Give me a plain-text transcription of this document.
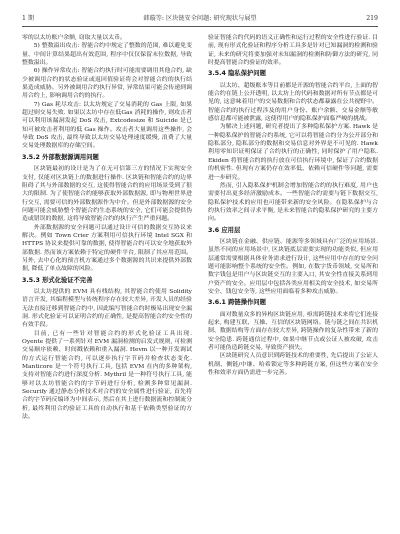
1 期	韩璇等: 区块链安全问题: 研究现状与展望	219

零的以太坊账户余额, 窃取大量以太币。

5) 整数溢出攻击: 智能合约中规定了整数的范围, 难以避免变量、中间计算结果超出有效范围, 程序中仅仅保留末位数据, 导致整数溢出。

6) 操作异常攻击: 智能合约执行时可能需要调用其他合约, 缺少被调用合约的状态验证或返回值验证将会对智能合约的执行结果造成威胁。另外被调用合约执行异常, 异常结果可能会传递到调用合约上, 影响调用合约的执行。

7) Gas 耗尽攻击: 以太坊规定了交易消耗的 Gas 上限, 如果超过则交易失败. 如果以太坊中存在低Gas 消耗的操作, 则攻击者可以利用该漏洞发起 DoS 攻击, Extcodesize 和 Suicide 是已知可被攻击者利用的低 Gas 操作。攻击者大量调用这些操作, 会导致 DoS 攻击, 最终导致以太坊交易处理速度缓慢, 浪费了大量交易处理数据库的存储空间。

3.5.2 外部数据源调用问题

区块链最初的设计是为了在无可信第三方的情况下实现安全支付, 仅能对区块链上的数据进行操作. 区块链和智能合约的边界阻碍了其与外部数据的交互, 这使得智能合约的应用场景受到了很大的限制. 为了使智能合约能够获取外部数据源, 即与物理世界进行交互, 需要可信的外部数据源作为中介。但是外部数据源的安全问题可能会威胁整个智能合约生态系统的安全, 它们可能会提供伪造或错误的数据, 这将导致智能合约的执行产生严重问题。

外部数据源的安全问题可以通过设计可信的数据交互协议来解决。例如 Town Crier 方案利用可信执行环境 Intel SGX 和 HTTPS 协议来提供可靠的数据, 使得智能合约可以安全地获取外部数据. 然而该方案依赖于特定的硬件平台, 限制了其应用范围。另外, 去中心化的预言机方案通过多个数据源的共识来提供外部数据, 降低了单点故障的风险。

3.5.3 形式化验证不完善

以太坊提供的 EVM 具有栈结构, 其智能合约使用 Solidity 语言开发, 其编程模型与传统程序存在较大差异, 开发人员的经验无法直接迁移到智能合约中, 因此编写智能合约时极易出现安全漏洞. 形式化验证可以证明合约的正确性, 是提高智能合约安全性的有效手段。

目前, 已有一些针对智能合约的形式化验证工具出现. Oyente 提供了一系列针对 EVM 漏洞检测的启发式规则, 可检测交易顺序依赖、时间戳依赖和重入漏洞. Hevm 以一种开发调试的方式运行智能合约, 可以逐步执行字节码并检查状态变化. Manticore 是一个符号执行工具, 包括 EVM 在内的多种架构, 支持对智能合约进行深度分析. Mythril 是一种符号执行工具, 能够对以太坊智能合约的字节码进行分析, 检测多种常见漏洞. Securify 通过静态分析技术对合约的安全属性进行验证, 首先将合约字节码反编译为中间表示, 然后在其上进行数据流和控制流分析, 最终利用合约验证工具的自动执行和基于依赖类型验证的方法。

验证智能合约代码的语义正确性和运行过程的安全性进行验证. 目前, 现有形式化验证和程序分析工具多是针对已知漏洞的检测和验证, 未来的研究将要加强对未知漏洞的检测和防御方法的研究, 同时提高智能合约验证的效率。

3.5.4 隐私保护问题

以太坊、超级账本等目前都是开源的智能合约平台, 上面的智能合约在链上公开透明, 以太坊上的代码和数据对所有节点都是可见的, 这意味着用户的交易数据和合约状态都暴露在公共视野中。智能合约的执行过程涉及的用户身份、账户余额、交易金额等敏感信息都可能被泄露, 这使得用户的隐私保护面临严峻的挑战。

为解决上述问题, 研究者提出了多种隐私保护方案. Hawk 是一种隐私保护的智能合约系统, 它可以将智能合约分为公开部分和隐私部分, 隐私部分的数据和交易信息对外界是不可见的. Hawk 利用零知识证明保证了合约执行的正确性, 同时保护了用户隐私. Ekiden 将智能合约的执行放在可信执行环境中, 保证了合约数据的机密性. 但现有方案仍存在效率低、依赖可信硬件等问题, 需要进一步研究。

然而, 引入隐私保护机制会增加智能合约的执行难度, 用户也需要付出更多经济激励成本。一些智能合约需要与链下数据交互, 隐私保护技术的应用也可能带来新的安全风险。在隐私保护与合约执行效率之间寻求平衡, 是未来智能合约隐私保护研究的主要方向。

3.6 应用层

区块链在金融、供应链、能源等多领域具有广泛的应用场景. 虽然不同的应用场景中, 区块链底层需要实现的功能类似, 但应用层通常需要根据具体业务需求进行设计, 这些应用中存在的安全问题可能影响整个系统的安全性。例如, 在数字货币领域, 交易所和数字钱包是用户与区块链交互的主要入口, 其安全性直接关系到用户资产的安全。应用层中包括各类应用相关的安全技术, 如交易所安全、钱包安全等, 这些应用面临着多种攻击威胁。

3.6.1 跨链操作问题

面对数量众多的异构区块链应用, 亟需跨链技术来将它们连接起来, 构建互联、互操、互信的区块链网络。链与链之间在共识机制、数据结构等方面存在较大差异, 跨链操作的复杂性带来了新的安全隐患. 跨链通信过程中, 如果中继节点或公证人被攻破, 攻击者可能伪造跨链交易, 导致资产损失。

区块链研究人员意识到跨链技术的重要性, 先后提出了公证人机制、侧链/中继、哈希锁定等多种跨链方案, 但这些方案在安全性和效率方面仍需进一步完善。
